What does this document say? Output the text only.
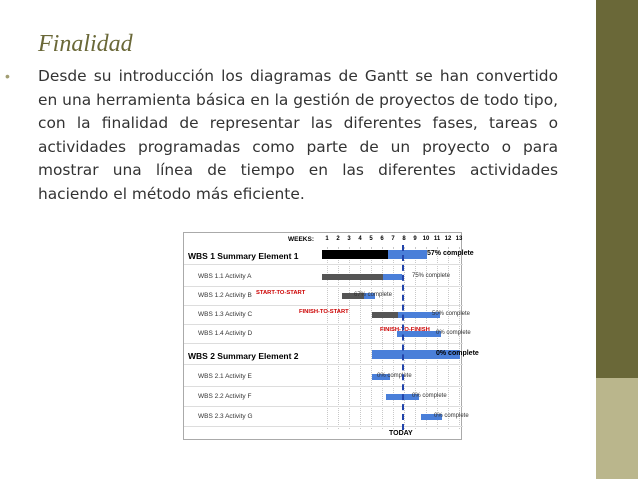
Finalidad
•	Desde su introducción los diagramas de Gantt se han convertido en una herramienta básica en la gestión de proyectos de todo tipo, con la finalidad de representar las diferentes fases, tareas o actividades programadas como parte de un proyecto o para mostrar una línea de tiempo en las diferentes actividades haciendo el método más eficiente.

WEEKS:	1	2	3	4	5	6	7	8	9 10 11 12 13
WBS 1 Summary Element 1	57% complete
WBS 1.1 Activity A	75% complete
WBS 1.2 Activity B	67% complete
WBS 1.3 Activity C	50% complete
WBS 1.4 Activity D	0% complete
WBS 2 Summary Element 2	0% complete
WBS 2.1 Activity E	0% complete
WBS 2.2 Activity F	0% complete
WBS 2.3 Activity G	0% complete
START-TO-START
FINISH-TO-START
FINISH-TO-FINISH
TODAY
